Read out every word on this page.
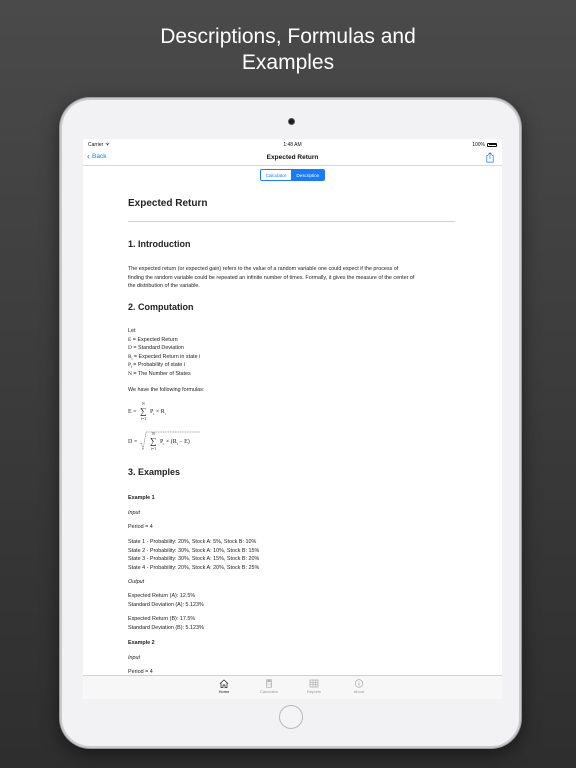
Descriptions, Formulas and
Examples
Carrier	1:48 AM	100%
‹ Back	Expected Return
Calculator	Description
Expected Return
1. Introduction
The expected return (or expected gain) refers to the value of a random variable one could expect if the process of
finding the random variable could be repeated an infinite number of times. Formally, it gives the measure of the center of
the distribution of the variable.
2. Computation
Let
E = Expected Return
D = Standard Deviation
$R_i$ = Expected Return in state i
$P_i$ = Probability of state i
N = The Number of States
We have the following formulas:
E =
N
∑
i=1
$P_i \times R_i$
D =
N
∑
i=1
$P_i \times (R_i - E)$
3. Examples
Example 1
Input
Period = 4
State 1 - Probability: 20%, Stock A: 5%, Stock B: 10%
State 2 - Probability: 30%, Stock A: 10%, Stock B: 15%
State 3 - Probability: 30%, Stock A: 15%, Stock B: 20%
State 4 - Probability: 20%, Stock A: 20%, Stock B: 25%
Output
Expected Return (A): 12.5%
Standard Deviation (A): 5.123%
Expected Return (B): 17.5%
Standard Deviation (B): 5.123%
Example 2
Input
Period = 4
Home	Calculator	Reports	About
